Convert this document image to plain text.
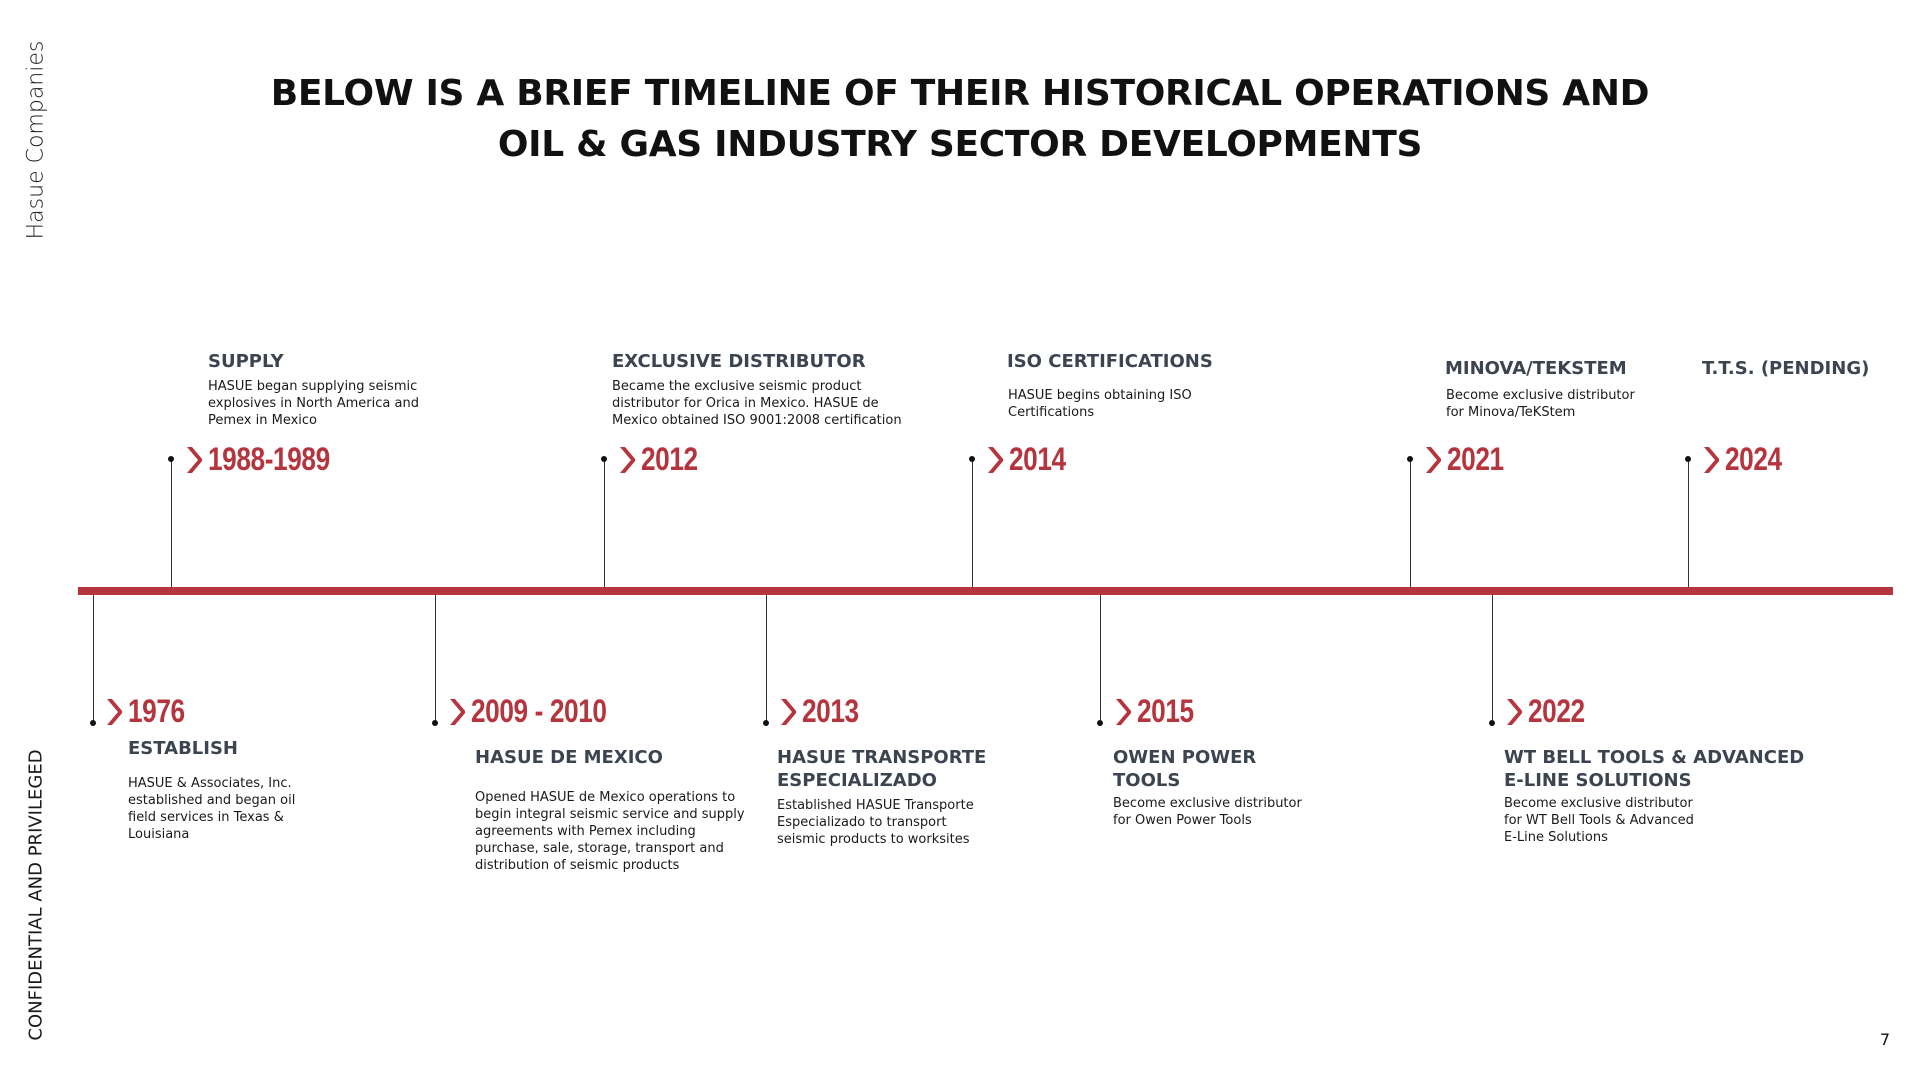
Hasue Companies
CONFIDENTIAL AND PRIVILEGED
BELOW IS A BRIEF TIMELINE OF THEIR HISTORICAL OPERATIONS AND
OIL & GAS INDUSTRY SECTOR DEVELOPMENTS
SUPPLY
HASUE began supplying seismic explosives in North America and Pemex in Mexico
1988-1989
EXCLUSIVE DISTRIBUTOR
Became the exclusive seismic product distributor for Orica in Mexico. HASUE de Mexico obtained ISO 9001:2008 certification
2012
ISO CERTIFICATIONS
HASUE begins obtaining ISO Certifications
2014
MINOVA/TEKSTEM
Become exclusive distributor for Minova/TeKStem
2021
T.T.S. (PENDING)
2024
1976
ESTABLISH
HASUE & Associates, Inc. established and began oil field services in Texas & Louisiana
2009 - 2010
HASUE DE MEXICO
Opened HASUE de Mexico operations to begin integral seismic service and supply agreements with Pemex including purchase, sale, storage, transport and distribution of seismic products
2013
HASUE TRANSPORTE ESPECIALIZADO
Established HASUE Transporte Especializado to transport seismic products to worksites
2015
OWEN POWER TOOLS
Become exclusive distributor for Owen Power Tools
2022
WT BELL TOOLS & ADVANCED E-LINE SOLUTIONS
Become exclusive distributor for WT Bell Tools & Advanced E-Line Solutions
7
